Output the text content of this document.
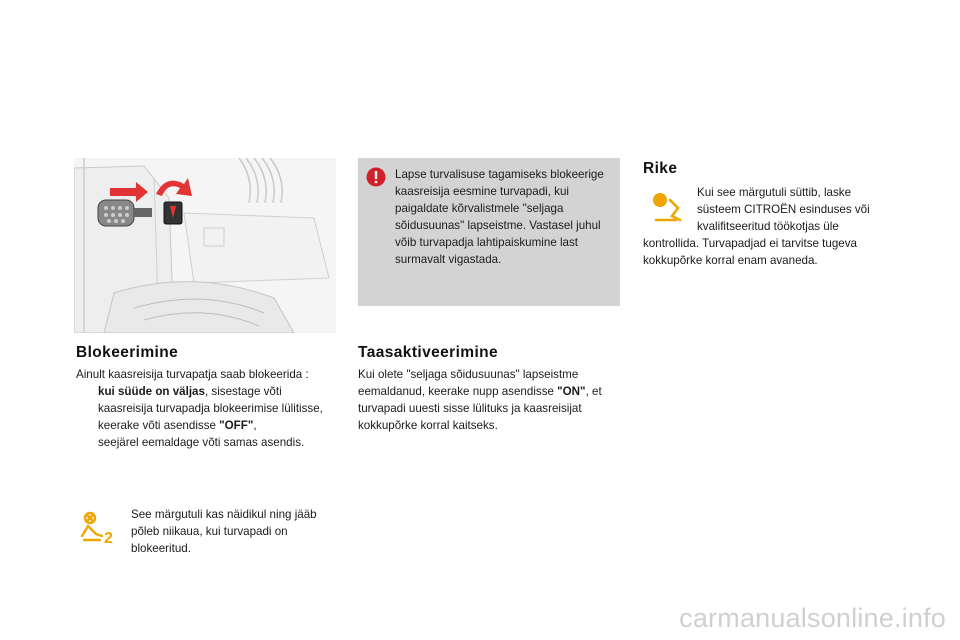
Blokeerimine
Ainult kaasreisija turvapatja saab blokeerida :
kui süüde on väljas, sisestage võti kaasreisija turvapadja blokeerimise lülitisse,
keerake võti asendisse "OFF",
seejärel eemaldage võti samas asendis.
2
See märgutuli kas näidikul ning jääb põleb niikaua, kui turvapadi on blokeeritud.
Lapse turvalisuse tagamiseks blokeerige kaasreisija eesmine turvapadi, kui paigaldate kõrvalistmele "seljaga sõidusuunas" lapseistme. Vastasel juhul võib turvapadja lahtipaiskumine last surmavalt vigastada.
Taasaktiveerimine
Kui olete "seljaga sõidusuunas" lapseistme eemaldanud, keerake nupp asendisse "ON", et turvapadi uuesti sisse lülituks ja kaasreisijat kokkupõrke korral kaitseks.
Rike
Kui see märgutuli süttib, laske süsteem CITROËN esinduses või kvalifitseeritud töökotjas üle kontrollida. Turvapadjad ei tarvitse tugeva kokkupõrke korral enam avaneda.
carmanualsonline.info
